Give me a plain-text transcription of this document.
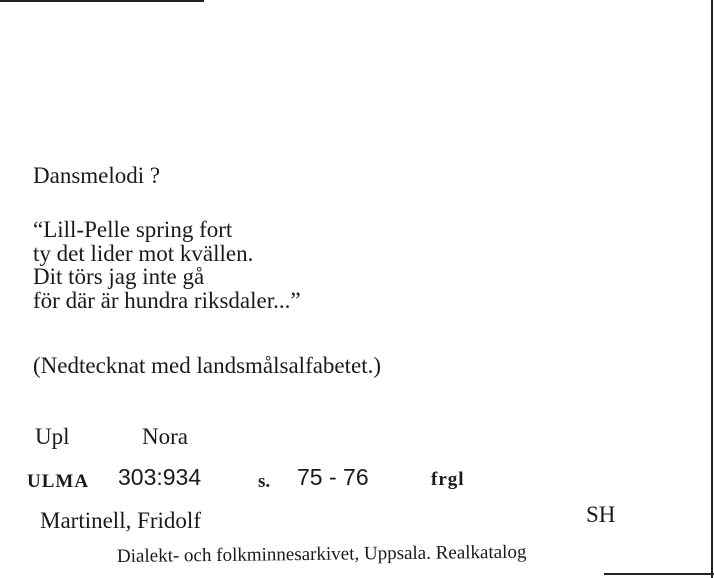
Dansmelodi ?
“Lill-Pelle spring fort
ty det lider mot kvällen.
Dit törs jag inte gå
för där är hundra riksdaler...”
(Nedtecknat med landsmålsalfabetet.)
Upl	Nora
ULMA 303:934	s. 75 - 76	frgl
Martinell, Fridolf	SH
Dialekt- och folkminnesarkivet, Uppsala. Realkatalog
